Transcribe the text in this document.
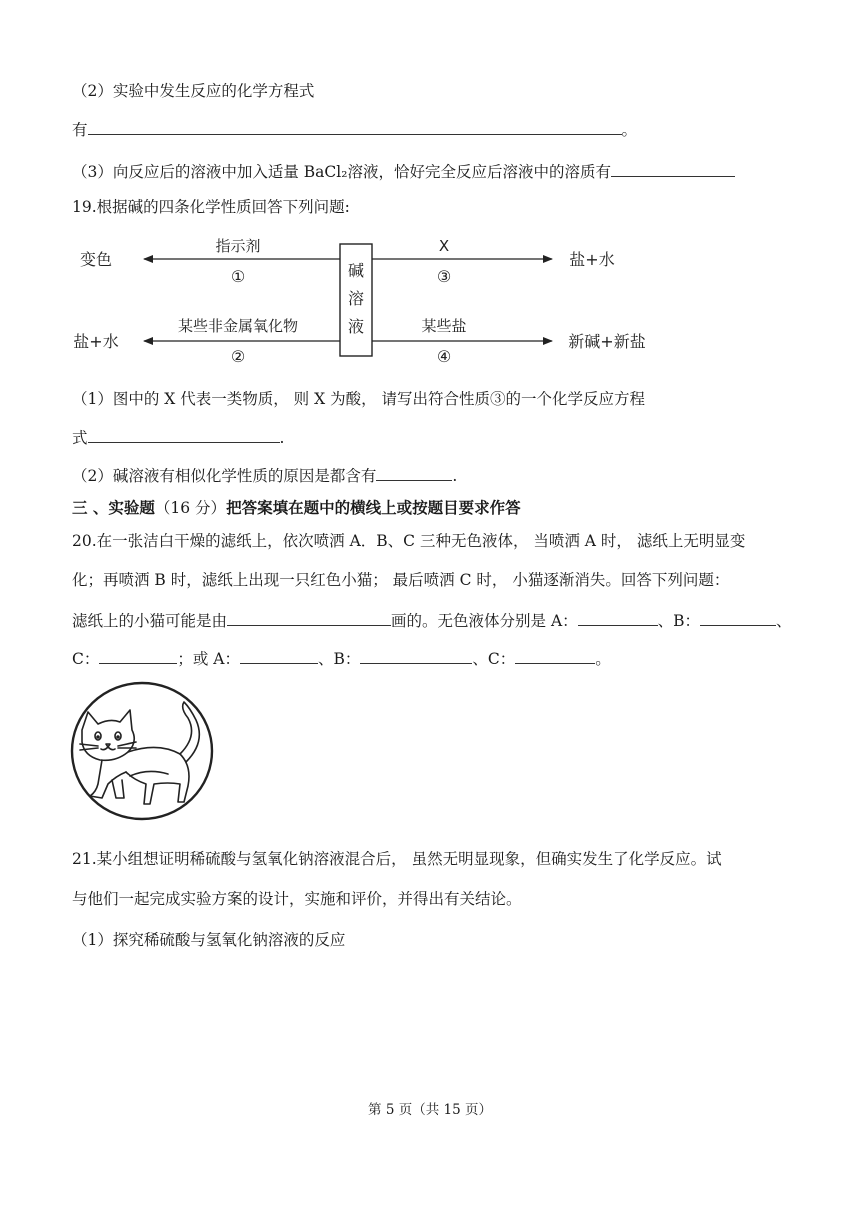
（2）实验中发生反应的化学方程式
有	。
（3）向反应后的溶液中加入适量 BaCl₂溶液，恰好完全反应后溶液中的溶质有
19.根据碱的四条化学性质回答下列问题:
碱
溶
液
变色
指示剂
①
X
③
盐+水
盐+水
某些非金属氧化物
②
某些盐
④
新碱+新盐
（1）图中的 X 代表一类物质， 则 X 为酸， 请写出符合性质③的一个化学反应方程
式	.
（2）碱溶液有相似化学性质的原因是都含有	.
三 、实验题（16 分）把答案填在题中的横线上或按题目要求作答
20.在一张洁白干燥的滤纸上，依次喷洒 A．B、C 三种无色液体， 当喷洒 A 时， 滤纸上无明显变
化；再喷洒 B 时，滤纸上出现一只红色小猫； 最后喷洒 C 时， 小猫逐渐消失。回答下列问题：
滤纸上的小猫可能是由	画的。无色液体分别是 A：	、B：	、
C：	；或 A：	、B：	、C：	。
21.某小组想证明稀硫酸与氢氧化钠溶液混合后， 虽然无明显现象，但确实发生了化学反应。试
与他们一起完成实验方案的设计，实施和评价，并得出有关结论。
（1）探究稀硫酸与氢氧化钠溶液的反应
第 5 页（共 15 页）
